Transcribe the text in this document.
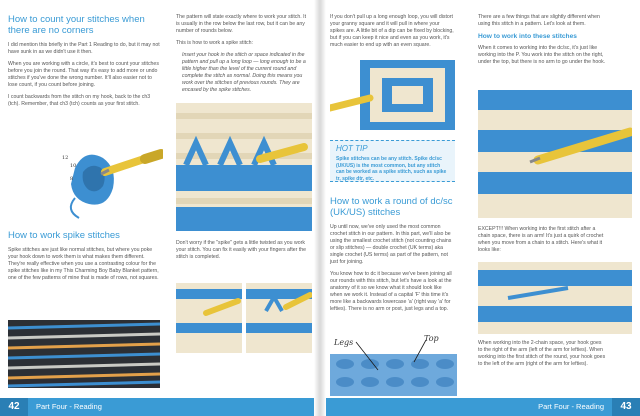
How to count your stitches when there are no corners

I did mention this briefly in the Part 1 Reading to do, but it may not have sunk in as we didn't use it then.

When you are working with a circle, it's best to count your stitches before you join the round. That way it's easy to add more or undo stitches if you've done the wrong number. It'll also easier not to lose count, if you count before joining.

I count backwards from the stitch on my hook, back to the ch3 (tch). Remember, that ch3 (tch) counts as your first stitch.

12
10
8
How to work spike stitches

Spike stitches are just like normal stitches, but where you poke your hook down to work them is what makes them different. They're really effective when you use a contrasting colour for the spike stitches like in my This Charming Boy Baby Blanket pattern, one of the few patterns of mine that is made of rows, not squares.

The pattern will state exactly where to work your stitch. It is usually in the row below the last row, but it can be any number of rounds below.

This is how to work a spike stitch:

Insert your hook in the stitch or space indicated in the pattern and pull up a long loop — long enough to be a little higher than the level of the current round and complete the stitch as normal. Doing this means you work over the stitches of previous rounds. They are encased by the spike stitches.

Don't worry if the "spike" gets a little twisted as you work your stitch. You can fix it easily with your fingers after the stitch is completed.

If you don't pull up a long enough loop, you will distort your granny square and it will pull in where your spikes are. A little bit of a dip can be fixed by blocking, but if you can keep it nice and even as you work, it's much easier to end up with an even square.

HOT TIP
Spike stitches can be any stitch. Spike dc/sc (UK/US) is the most common, but any stitch can be worked as a spike stitch, such as spike tr, spike dtr, etc.
How to work a round of dc/sc (UK/US) stitches

Up until now, we've only used the most common crochet stitch in our pattern. In this part, we'll also be using the smallest crochet stitch (not counting chains or slip stitches) — double crochet (UK terms) aka single crochet (US terms) as part of the pattern, not just for joining.

You know how to dc it because we've been joining all our rounds with this stitch, but let's have a look at the anatomy of it so we know what it should look like when we work it. Instead of a capital 'F' this time it's more like a backwards lowercase 'a' (right way 'a' for lefties). There is no arm or post, just legs and a top.

Legs	Top

There are a few things that are slightly different when using this stitch in a pattern. Let's look at them.

How to work into these stitches

When it comes to working into the dc/sc, it's just like working into the P. You work into the stitch on the right, under the top, but there is no arm to go under the hook.

EXCEPT!!! When working into the first stitch after a chain space, there is an arm! It's just a quirk of crochet when you move from a chain to a stitch. Here's what it looks like:

When working into the 2-chain space, your hook goes to the right of the arm (left of the arm for lefties). When working into the first stitch of the round, your hook goes to the left of the arm (right of the arm for lefties).

42	Part Four - Reading	Part Four - Reading	43
